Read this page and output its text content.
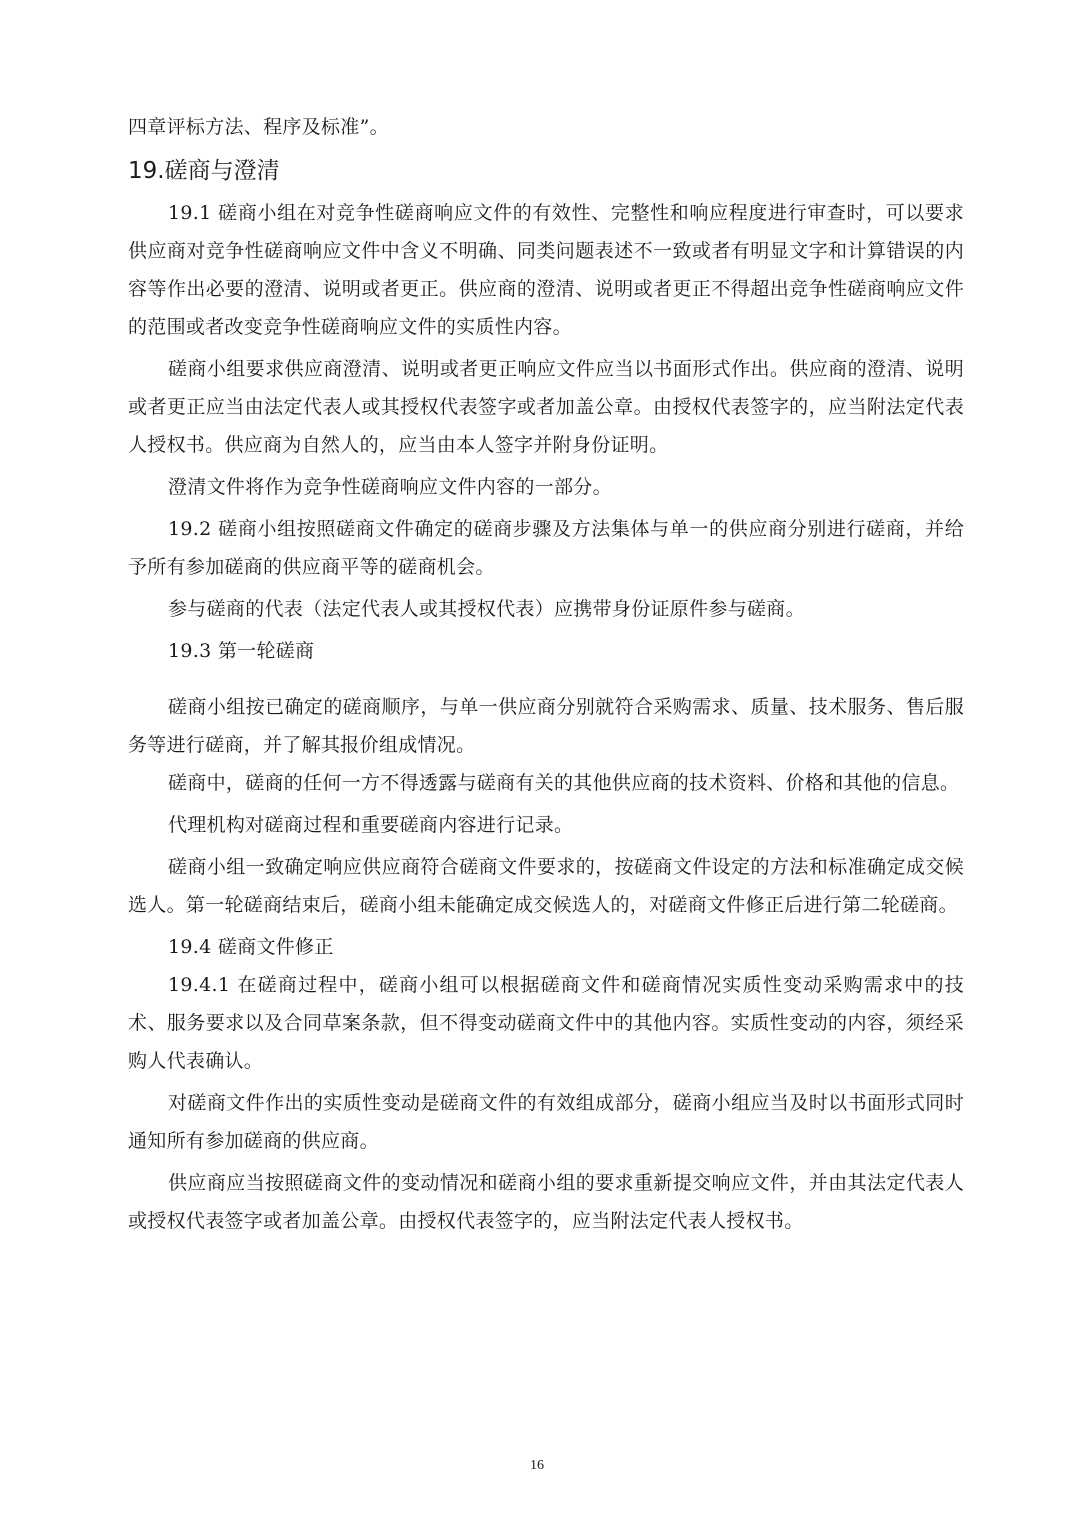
四章评标方法、程序及标准”。

19.磋商与澄清

19.1 磋商小组在对竞争性磋商响应文件的有效性、完整性和响应程度进行审查时，可以要求供应商对竞争性磋商响应文件中含义不明确、同类问题表述不一致或者有明显文字和计算错误的内容等作出必要的澄清、说明或者更正。供应商的澄清、说明或者更正不得超出竞争性磋商响应文件的范围或者改变竞争性磋商响应文件的实质性内容。

磋商小组要求供应商澄清、说明或者更正响应文件应当以书面形式作出。供应商的澄清、说明或者更正应当由法定代表人或其授权代表签字或者加盖公章。由授权代表签字的，应当附法定代表人授权书。供应商为自然人的，应当由本人签字并附身份证明。

澄清文件将作为竞争性磋商响应文件内容的一部分。

19.2 磋商小组按照磋商文件确定的磋商步骤及方法集体与单一的供应商分别进行磋商，并给予所有参加磋商的供应商平等的磋商机会。

参与磋商的代表（法定代表人或其授权代表）应携带身份证原件参与磋商。

19.3 第一轮磋商

磋商小组按已确定的磋商顺序，与单一供应商分别就符合采购需求、质量、技术服务、售后服务等进行磋商，并了解其报价组成情况。

磋商中，磋商的任何一方不得透露与磋商有关的其他供应商的技术资料、价格和其他的信息。

代理机构对磋商过程和重要磋商内容进行记录。

磋商小组一致确定响应供应商符合磋商文件要求的，按磋商文件设定的方法和标准确定成交候选人。第一轮磋商结束后，磋商小组未能确定成交候选人的，对磋商文件修正后进行第二轮磋商。

19.4 磋商文件修正

19.4.1 在磋商过程中，磋商小组可以根据磋商文件和磋商情况实质性变动采购需求中的技术、服务要求以及合同草案条款，但不得变动磋商文件中的其他内容。实质性变动的内容，须经采购人代表确认。

对磋商文件作出的实质性变动是磋商文件的有效组成部分，磋商小组应当及时以书面形式同时通知所有参加磋商的供应商。

供应商应当按照磋商文件的变动情况和磋商小组的要求重新提交响应文件，并由其法定代表人或授权代表签字或者加盖公章。由授权代表签字的，应当附法定代表人授权书。

16
